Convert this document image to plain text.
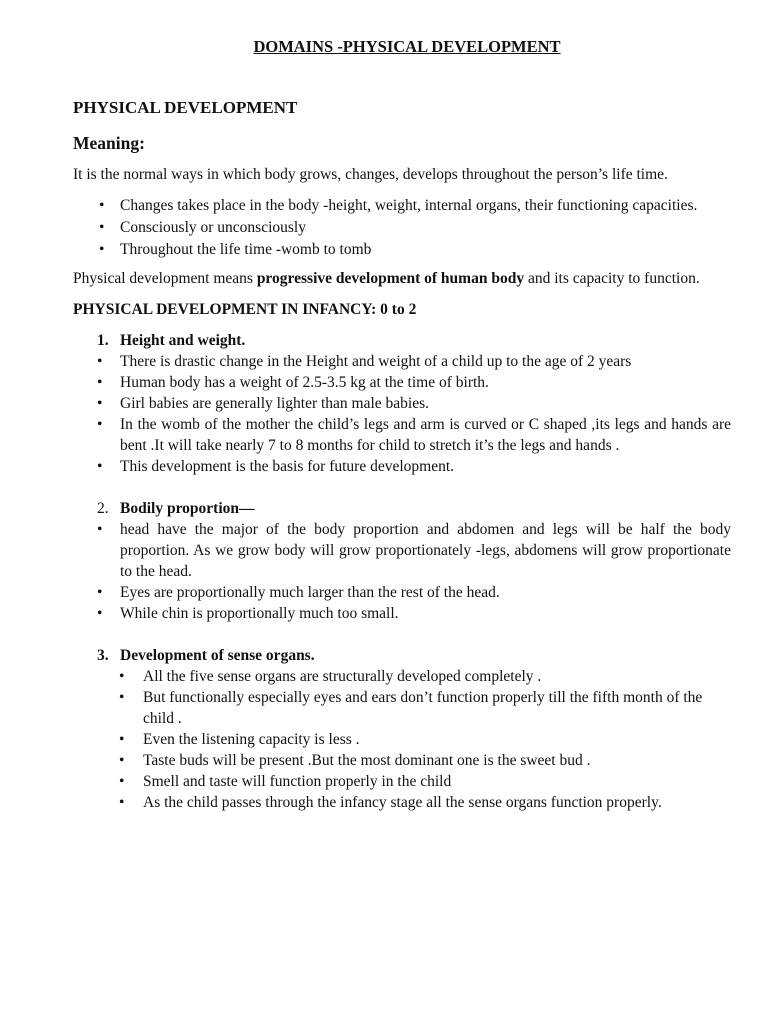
DOMAINS -PHYSICAL DEVELOPMENT
PHYSICAL DEVELOPMENT
Meaning:

It is the normal ways in which body grows, changes, develops throughout the person’s life time.

• Changes takes place in the body -height, weight, internal organs, their functioning capacities.
• Consciously or unconsciously
• Throughout the life time -womb to tomb

Physical development means progressive development of human body and its capacity to function.

PHYSICAL DEVELOPMENT IN INFANCY: 0 to 2
1. Height and weight.
• There is drastic change in the Height and weight of a child up to the age of 2 years
• Human body has a weight of 2.5-3.5 kg at the time of birth.
• Girl babies are generally lighter than male babies.
• In the womb of the mother the child’s legs and arm is curved or C shaped ,its legs and hands are bent .It will take nearly 7 to 8 months for child to stretch it’s the legs and hands .
• This development is the basis for future development.
2. Bodily proportion—
• head have the major of the body proportion and abdomen and legs will be half the body proportion. As we grow body will grow proportionately -legs, abdomens will grow proportionate to the head.
• Eyes are proportionally much larger than the rest of the head.
• While chin is proportionally much too small.
3. Development of sense organs.
• All the five sense organs are structurally developed completely .
• But functionally especially eyes and ears don’t function properly till the fifth month of the child .
• Even the listening capacity is less .
• Taste buds will be present .But the most dominant one is the sweet bud .
• Smell and taste will function properly in the child
• As the child passes through the infancy stage all the sense organs function properly.
